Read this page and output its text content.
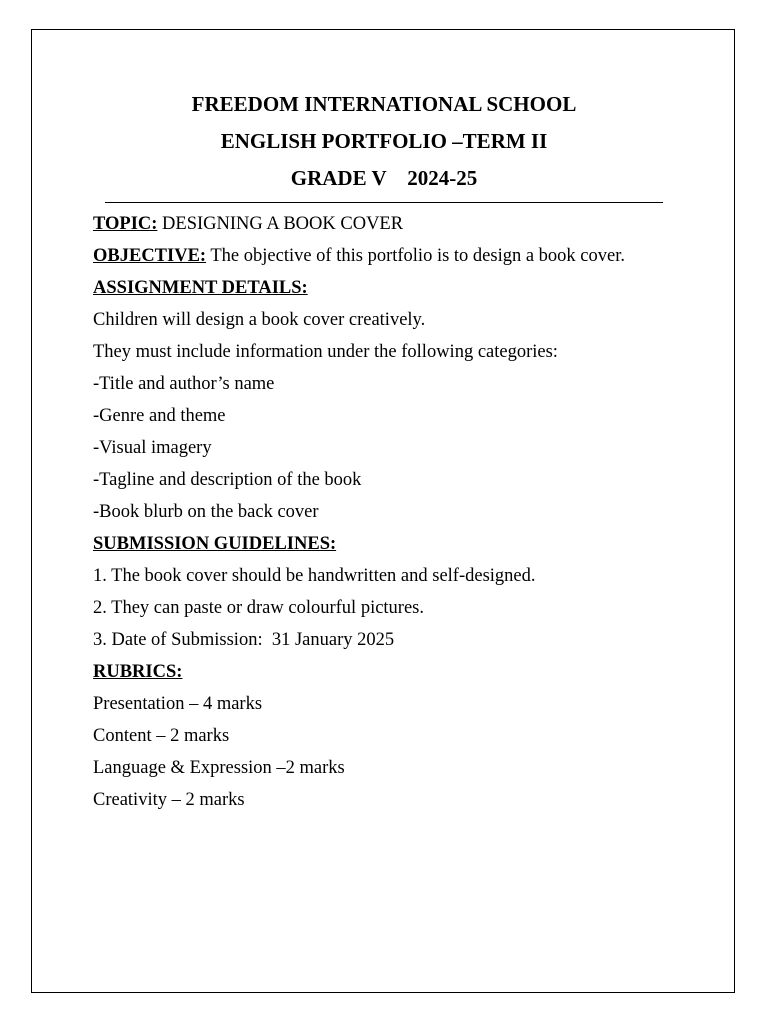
FREEDOM INTERNATIONAL SCHOOL
ENGLISH PORTFOLIO –TERM II
GRADE V    2024-25

TOPIC: DESIGNING A BOOK COVER

OBJECTIVE: The objective of this portfolio is to design a book cover.

ASSIGNMENT DETAILS:

Children will design a book cover creatively.

They must include information under the following categories:

-Title and author’s name

-Genre and theme

-Visual imagery

-Tagline and description of the book

-Book blurb on the back cover

SUBMISSION GUIDELINES:

1. The book cover should be handwritten and self-designed.

2. They can paste or draw colourful pictures.

3. Date of Submission:  31 January 2025

RUBRICS:

Presentation – 4 marks

Content – 2 marks

Language & Expression –2 marks

Creativity – 2 marks
